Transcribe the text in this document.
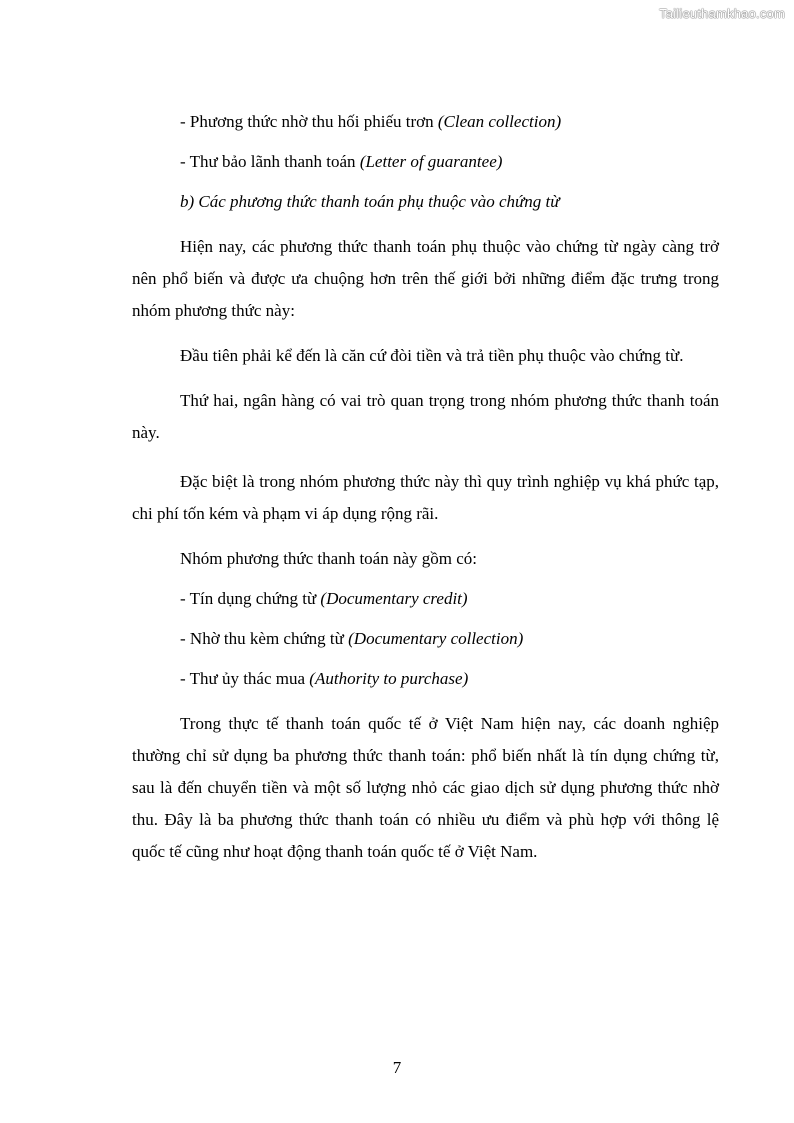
Tailieuthamkhao.com

- Phương thức nhờ thu hối phiếu trơn (Clean collection)

- Thư bảo lãnh thanh toán (Letter of guarantee)

b) Các phương thức thanh toán phụ thuộc vào chứng từ

Hiện nay, các phương thức thanh toán phụ thuộc vào chứng từ ngày càng trở nên phổ biến và được ưa chuộng hơn trên thế giới bởi những điểm đặc trưng trong nhóm phương thức này:

Đầu tiên phải kể đến là căn cứ đòi tiền và trả tiền phụ thuộc vào chứng từ.

Thứ hai, ngân hàng có vai trò quan trọng trong nhóm phương thức thanh toán này.

Đặc biệt là trong nhóm phương thức này thì quy trình nghiệp vụ khá phức tạp, chi phí tốn kém và phạm vi áp dụng rộng rãi.

Nhóm phương thức thanh toán này gồm có:

- Tín dụng chứng từ (Documentary credit)

- Nhờ thu kèm chứng từ (Documentary collection)

- Thư ủy thác mua (Authority to purchase)

Trong thực tế thanh toán quốc tế ở Việt Nam hiện nay, các doanh nghiệp thường chỉ sử dụng ba phương thức thanh toán: phổ biến nhất là tín dụng chứng từ, sau là đến chuyển tiền và một số lượng nhỏ các giao dịch sử dụng phương thức nhờ thu. Đây là ba phương thức thanh toán có nhiều ưu điểm và phù hợp với thông lệ quốc tế cũng như hoạt động thanh toán quốc tế ở Việt Nam.

7
